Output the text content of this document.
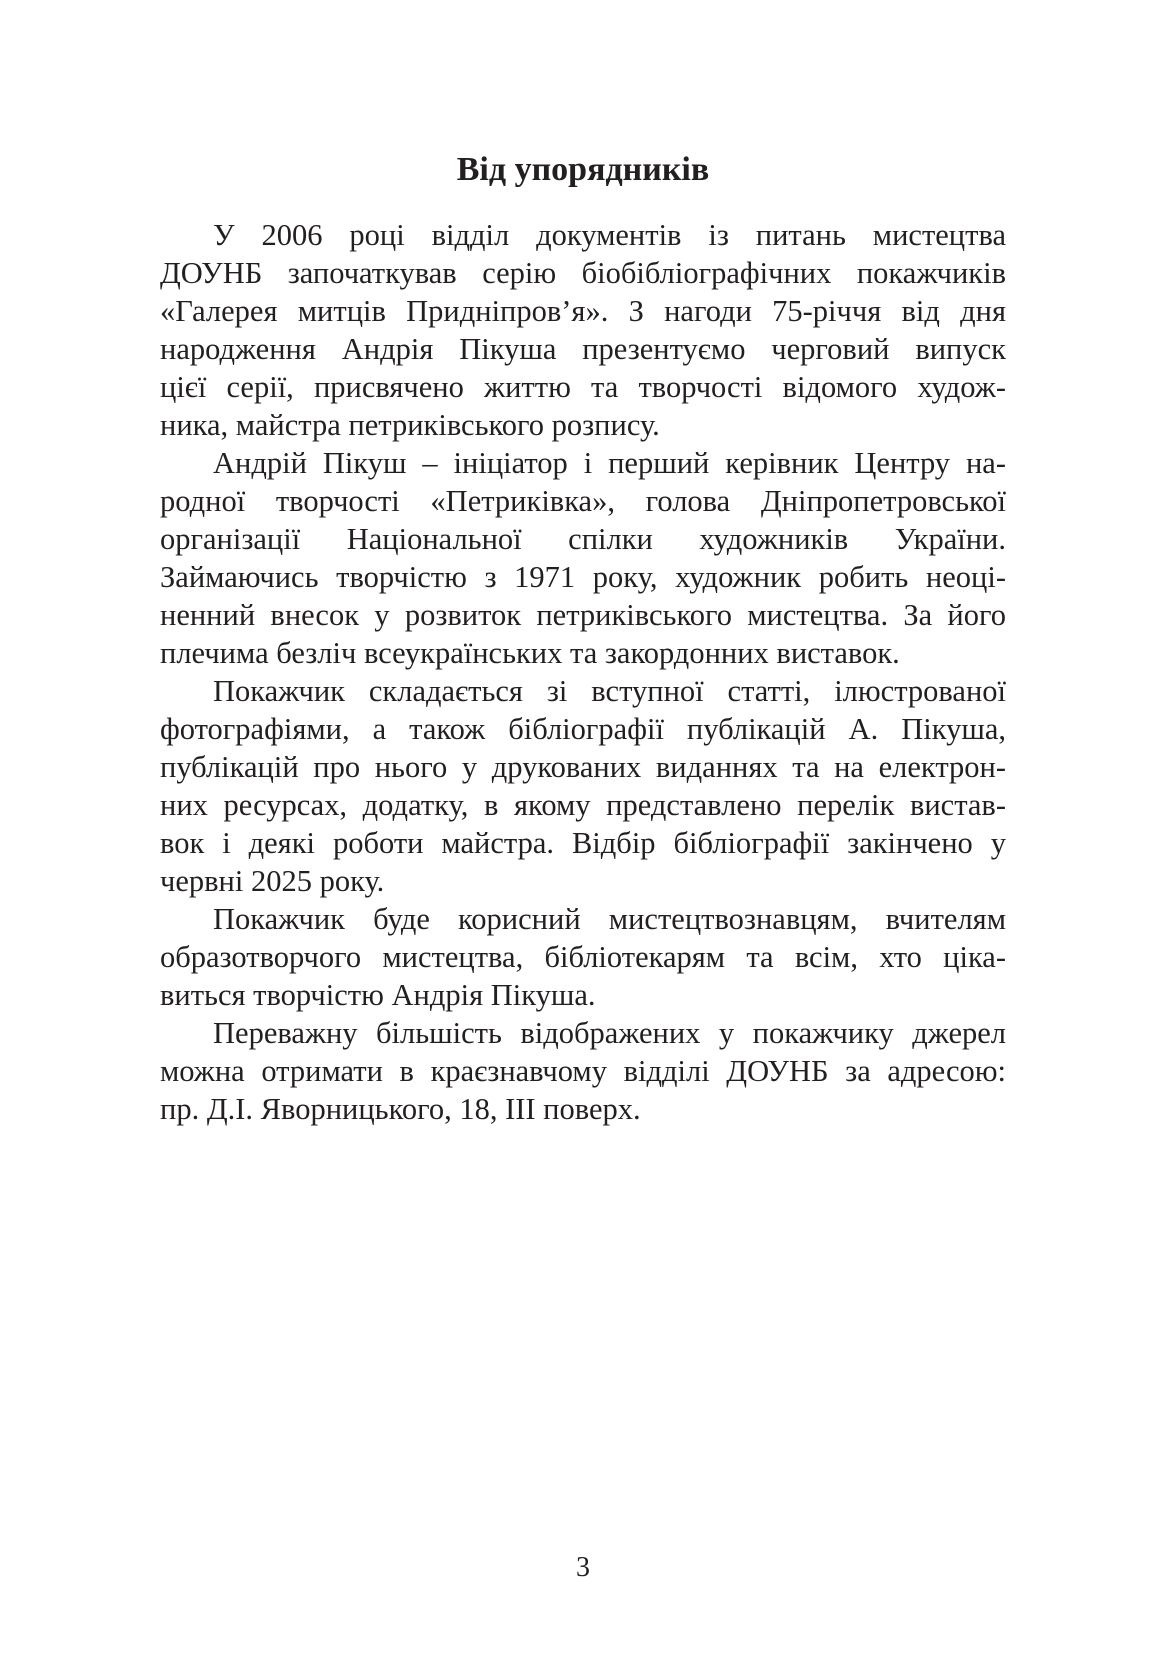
Від упорядників

У 2006 році відділ документів із питань мистецтва

ДОУНБ започаткував серію біобібліографічних покажчиків

«Галерея митців Придніпров’я». З нагоди 75-річчя від дня

народження Андрія Пікуша презентуємо черговий випуск

цієї серії, присвячено життю та творчості відомого худож-

ника, майстра петриківського розпису.

Андрій Пікуш – ініціатор і перший керівник Центру на-

родної творчості «Петриківка», голова Дніпропетровської

організації Національної спілки художників України.

Займаючись творчістю з 1971 року, художник робить неоці-

ненний внесок у розвиток петриківського мистецтва. За його

плечима безліч всеукраїнських та закордонних виставок.

Покажчик складається зі вступної статті, ілюстрованої

фотографіями, а також бібліографії публікацій А. Пікуша,

публікацій про нього у друкованих виданнях та на електрон-

них ресурсах, додатку, в якому представлено перелік вистав-

вок і деякі роботи майстра. Відбір бібліографії закінчено у

червні 2025 року.

Покажчик буде корисний мистецтвознавцям, вчителям

образотворчого мистецтва, бібліотекарям та всім, хто ціка-

виться творчістю Андрія Пікуша.

Переважну більшість відображених у покажчику джерел

можна отримати в краєзнавчому відділі ДОУНБ за адресою:

пр. Д.І. Яворницького, 18, ІІІ поверх.

3
